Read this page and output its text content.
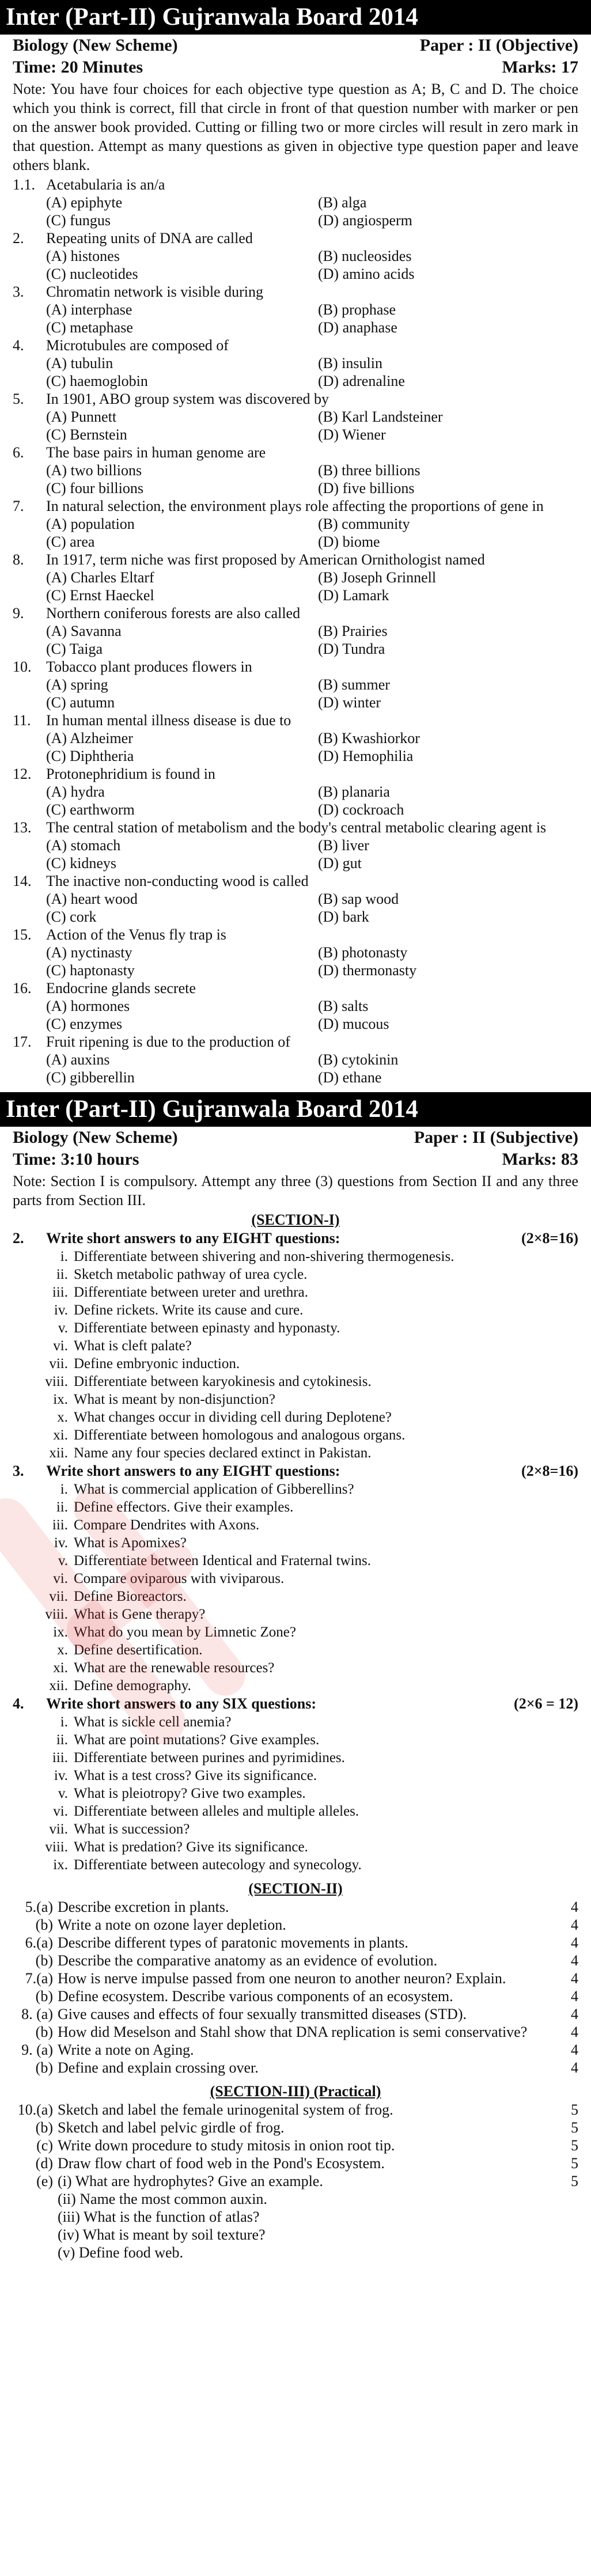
Inter (Part-II) Gujranwala Board 2014
Biology (New Scheme)	Paper : II (Objective)
Time: 20 Minutes	Marks: 17
Note: You have four choices for each objective type question as A; B, C and D. The choice which you think is correct, fill that circle in front of that question number with marker or pen on the answer book provided. Cutting or filling two or more circles will result in zero mark in that question. Attempt as many questions as given in objective type question paper and leave others blank.
1.1. Acetabularia is an/a
(A) epiphyte	(B) alga
(C) fungus	(D) angiosperm
2.	Repeating units of DNA are called
(A) histones	(B) nucleosides
(C) nucleotides	(D) amino acids
3.	Chromatin network is visible during
(A) interphase	(B) prophase
(C) metaphase	(D) anaphase
4.	Microtubules are composed of
(A) tubulin	(B) insulin
(C) haemoglobin	(D) adrenaline
5.	In 1901, ABO group system was discovered by
(A) Punnett	(B) Karl Landsteiner
(C) Bernstein	(D) Wiener
6.	The base pairs in human genome are
(A) two billions	(B) three billions
(C) four billions	(D) five billions
7.	In natural selection, the environment plays role affecting the proportions of gene in
(A) population	(B) community
(C) area	(D) biome
8.	In 1917, term niche was first proposed by American Ornithologist named
(A) Charles Eltarf	(B) Joseph Grinnell
(C) Ernst Haeckel	(D) Lamark
9.	Northern coniferous forests are also called
(A) Savanna	(B) Prairies
(C) Taiga	(D) Tundra
10. Tobacco plant produces flowers in
(A) spring	(B) summer
(C) autumn	(D) winter
11.	In human mental illness disease is due to
(A) Alzheimer	(B) Kwashiorkor
(C) Diphtheria	(D) Hemophilia
12. Protonephridium is found in
(A) hydra	(B) planaria
(C) earthworm	(D) cockroach
13. The central station of metabolism and the body's central metabolic clearing agent is
(A) stomach	(B) liver
(C) kidneys	(D) gut
14. The inactive non-conducting wood is called
(A) heart wood	(B) sap wood
(C) cork	(D) bark
15. Action of the Venus fly trap is
(A) nyctinasty	(B) photonasty
(C) haptonasty	(D) thermonasty
16. Endocrine glands secrete
(A) hormones	(B) salts
(C) enzymes	(D) mucous
17. Fruit ripening is due to the production of
(A) auxins	(B) cytokinin
(C) gibberellin	(D) ethane
Inter (Part-II) Gujranwala Board 2014
Biology (New Scheme)	Paper : II (Subjective)
Time: 3:10 hours	Marks: 83
Note: Section I is compulsory. Attempt any three (3) questions from Section II and any three parts from Section III.
(SECTION-I)
2.	Write short answers to any EIGHT questions:	(2×8=16)
i. Differentiate between shivering and non-shivering thermogenesis.
ii. Sketch metabolic pathway of urea cycle.
iii. Differentiate between ureter and urethra.
iv. Define rickets. Write its cause and cure.
v. Differentiate between epinasty and hyponasty.
vi. What is cleft palate?
vii. Define embryonic induction.
viii. Differentiate between karyokinesis and cytokinesis.
ix. What is meant by non-disjunction?
x. What changes occur in dividing cell during Deplotene?
xi. Differentiate between homologous and analogous organs.
xii. Name any four species declared extinct in Pakistan.
3.	Write short answers to any EIGHT questions:	(2×8=16)
i. What is commercial application of Gibberellins?
ii. Define effectors. Give their examples.
iii. Compare Dendrites with Axons.
iv. What is Apomixes?
v. Differentiate between Identical and Fraternal twins.
vi. Compare oviparous with viviparous.
vii. Define Bioreactors.
viii. What is Gene therapy?
ix. What do you mean by Limnetic Zone?
x. Define desertification.
xi. What are the renewable resources?
xii. Define demography.
4.	Write short answers to any SIX questions:	(2×6 = 12)
i. What is sickle cell anemia?
ii. What are point mutations? Give examples.
iii. Differentiate between purines and pyrimidines.
iv. What is a test cross? Give its significance.
v. What is pleiotropy? Give two examples.
vi. Differentiate between alleles and multiple alleles.
vii. What is succession?
viii. What is predation? Give its significance.
ix. Differentiate between autecology and synecology.
(SECTION-II)
5.(a) Describe excretion in plants.	4
(b) Write a note on ozone layer depletion.	4
6.(a) Describe different types of paratonic movements in plants.	4
(b) Describe the comparative anatomy as an evidence of evolution.	4
7.(a) How is nerve impulse passed from one neuron to another neuron? Explain.	4
(b) Define ecosystem. Describe various components of an ecosystem.	4
8. (a) Give causes and effects of four sexually transmitted diseases (STD).	4
(b) How did Meselson and Stahl show that DNA replication is semi conservative?	4
9. (a) Write a note on Aging.	4
(b) Define and explain crossing over.	4
(SECTION-III) (Practical)
10.(a) Sketch and label the female urinogenital system of frog.	5
(b) Sketch and label pelvic girdle of frog.	5
(c) Write down procedure to study mitosis in onion root tip.	5
(d) Draw flow chart of food web in the Pond's Ecosystem.	5
(e) (i) What are hydrophytes? Give an example.	5
(ii) Name the most common auxin.
(iii) What is the function of atlas?
(iv) What is meant by soil texture?
(v) Define food web.
